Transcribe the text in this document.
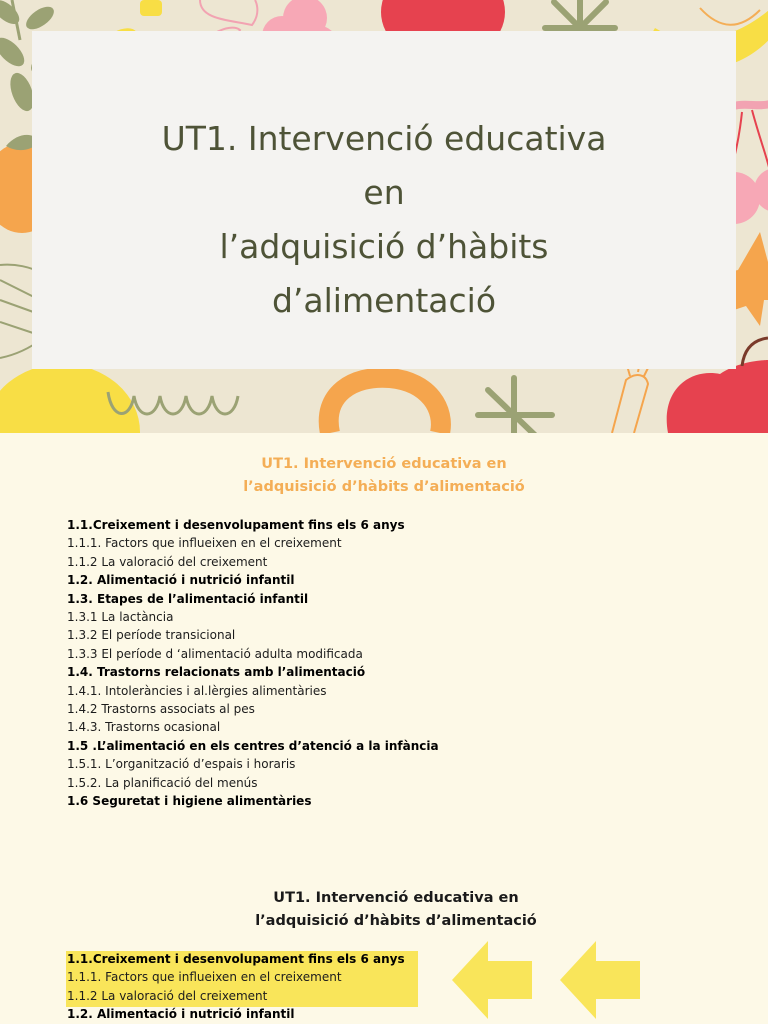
UT1. Intervenció educativa
en
l’adquisició d’hàbits
d’alimentació
UT1. Intervenció educativa en
l’adquisició d’hàbits d’alimentació
1.1.Creixement i desenvolupament fins els 6 anys
1.1.1. Factors que influeixen en el creixement
1.1.2 La valoració del creixement
1.2. Alimentació i nutrició infantil
1.3. Etapes de l’alimentació infantil
1.3.1 La lactància
1.3.2 El període transicional
1.3.3 El període d ‘alimentació adulta modificada
1.4. Trastorns relacionats amb l’alimentació
1.4.1. Intoleràncies i al.lèrgies alimentàries
1.4.2 Trastorns associats al pes
1.4.3. Trastorns ocasional
1.5 .L’alimentació en els centres d’atenció a la infància
1.5.1. L’organització d’espais i horaris
1.5.2. La planificació del menús
1.6 Seguretat i higiene alimentàries
UT1. Intervenció educativa en
l’adquisició d’hàbits d’alimentació
1.1.Creixement i desenvolupament fins els 6 anys
1.1.1. Factors que influeixen en el creixement
1.1.2 La valoració del creixement
1.2. Alimentació i nutrició infantil
